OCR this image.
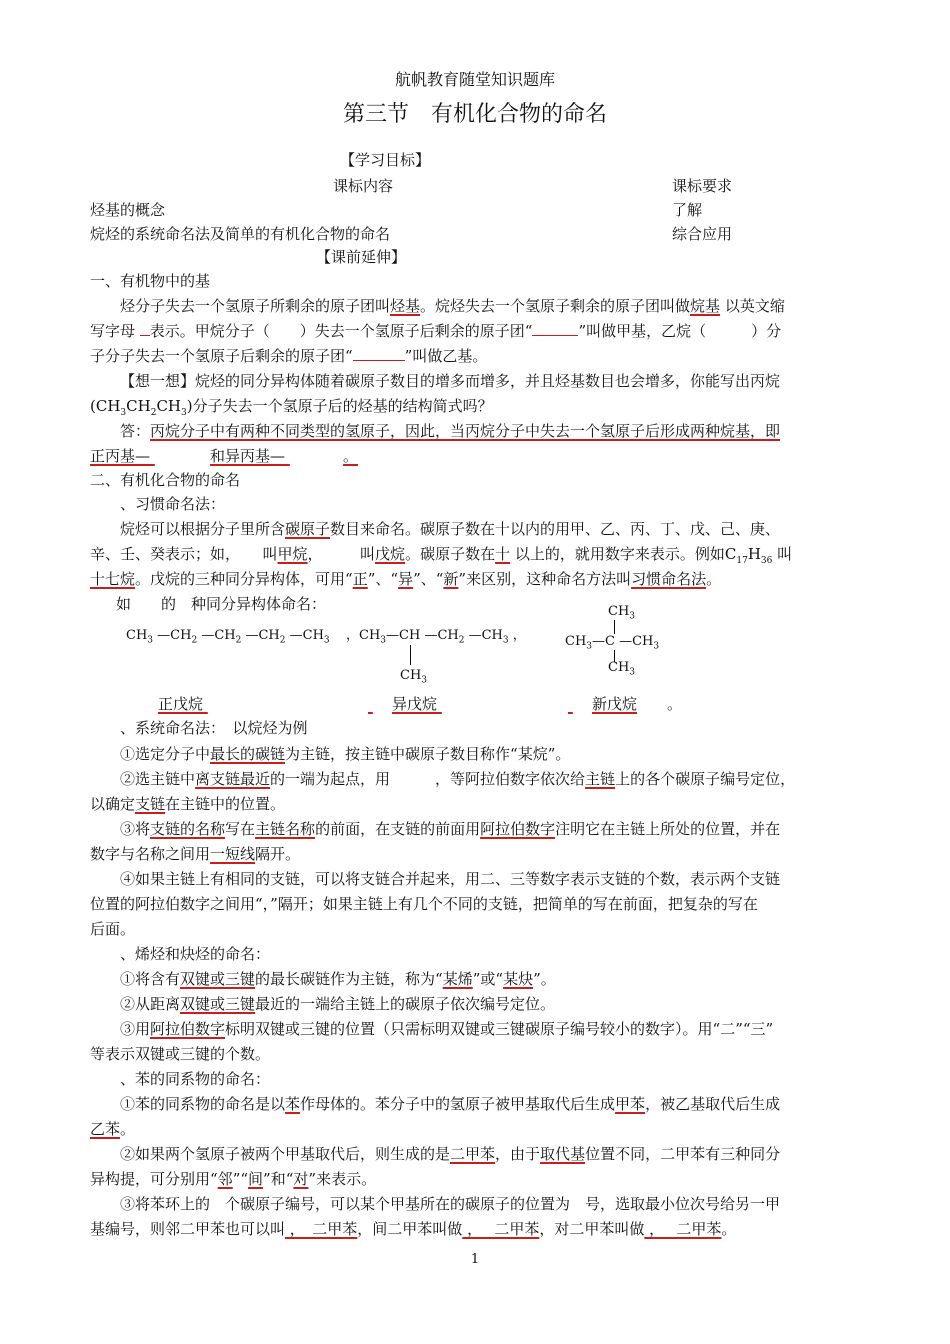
航帆教育随堂知识题库
第三节　有机化合物的命名
【学习目标】
课标内容	课标要求
烃基的概念	了解
烷烃的系统命名法及简单的有机化合物的命名	综合应用
【课前延伸】
一、有机物中的基
烃分子失去一个氢原子所剩余的原子团叫烃基。烷烃失去一个氢原子剩余的原子团叫做烷基 以英文缩
写字母 表示。甲烷分子（　　）失去一个氢原子后剩余的原子团“	”叫做甲基，乙烷（　　　）分
子分子失去一个氢原子后剩余的原子团“	”叫做乙基。
【想一想】烷烃的同分异构体随着碳原子数目的增多而增多，并且烃基数目也会增多，你能写出丙烷
$(CH_3CH_2CH_3)$分子失去一个氢原子后的烃基的结构简式吗？
答：丙烷分子中有两种不同类型的氢原子，因此，当丙烷分子中失去一个氢原子后形成两种烷基，即
正丙基—	和异丙基—	。
二、有机化合物的命名
、习惯命名法：
烷烃可以根据分子里所含碳原子数目来命名。碳原子数在十以内的用甲、乙、丙、丁、戊、己、庚、
辛、壬、癸表示；如，　　叫甲烷，　　　叫戊烷。碳原子数在十 以上的，就用数字来表示。例如$C_{17}H_{36}$ 叫
十七烷。戊烷的三种同分异构体，可用“正”、“异”、“新”来区别，这种命名方法叫习惯命名法。
如　　的　种同分异构体命名：
$CH_3$ $—CH_2$ $—CH_2$ $—CH_2$ $—CH_3$ ，$CH_3—CH$ $—CH_2$ $—CH_3$ ，
$CH_3$
$CH_3$
$CH_3—C$ $—CH_3$
$CH_3$
正戊烷	异戊烷	新戊烷 。
、系统命名法：　以烷烃为例
①选定分子中最长的碳链为主链，按主链中碳原子数目称作“某烷”。
②选主链中离支链最近的一端为起点，用　　　，等阿拉伯数字依次给主链上的各个碳原子编号定位，
以确定支链在主链中的位置。
③将支链的名称写在主链名称的前面，在支链的前面用阿拉伯数字注明它在主链上所处的位置，并在
数字与名称之间用一短线隔开。
④如果主链上有相同的支链，可以将支链合并起来，用二、三等数字表示支链的个数，表示两个支链
位置的阿拉伯数字之间用“，”隔开；如果主链上有几个不同的支链，把简单的写在前面，把复杂的写在
后面。
、烯烃和炔烃的命名：
①将含有双键或三键的最长碳链作为主链，称为“某烯”或“某炔”。
②从距离双键或三键最近的一端给主链上的碳原子依次编号定位。
③用阿拉伯数字标明双键或三键的位置（只需标明双键或三键碳原子编号较小的数字）。用“二”“三”
等表示双键或三键的个数。
、苯的同系物的命名：
①苯的同系物的命名是以苯作母体的。苯分子中的氢原子被甲基取代后生成甲苯，被乙基取代后生成
乙苯。
②如果两个氢原子被两个甲基取代后，则生成的是二甲苯，由于取代基位置不同，二甲苯有三种同分
异构提，可分别用“邻”“间”和“对”来表示。
③将苯环上的　个碳原子编号，可以某个甲基所在的碳原子的位置为　号，选取最小位次号给另一甲
基编号，则邻二甲苯也可以叫 ，　二甲苯，间二甲苯叫做 ，　 二甲苯，对二甲苯叫做 ，　 二甲苯。
1
